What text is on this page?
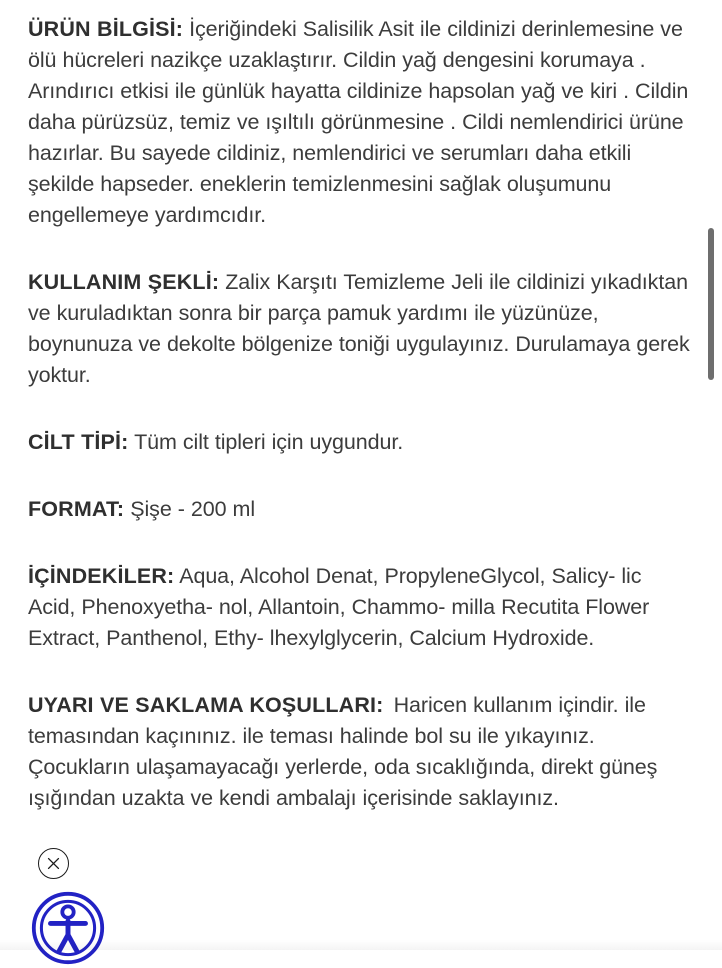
ÜRÜN BİLGİSİ: İçeriğindeki Salisilik Asit ile cildinizi derinlemesine ve ölü hücreleri nazikçe uzaklaştırır. Cildin yağ dengesini korumaya . Arındırıcı etkisi ile günlük hayatta cildinize hapsolan yağ ve kiri . Cildin daha pürüzsüz, temiz ve ışıltılı görünmesine . Cildi nemlendirici ürüne hazırlar. Bu sayede cildiniz, nemlendirici ve serumları daha etkili şekilde hapseder. eneklerin temizlenmesini sağlak oluşumunu engellemeye yardımcıdır.

KULLANIM ŞEKLİ: Zalix Karşıtı Temizleme Jeli ile cildinizi yıkadıktan ve kuruladıktan sonra bir parça pamuk yardımı ile yüzünüze, boynunuza ve dekolte bölgenize toniği uygulayınız. Durulamaya gerek yoktur.

CİLT TİPİ: Tüm cilt tipleri için uygundur.

FORMAT: Şişe - 200 ml

İÇİNDEKİLER: Aqua, Alcohol Denat, PropyleneGlycol, Salicy- lic Acid, Phenoxyetha- nol, Allantoin, Chammo- milla Recutita Flower Extract, Panthenol, Ethy- lhexylglycerin, Calcium Hydroxide.

UYARI VE SAKLAMA KOŞULLARI: Haricen kullanım içindir. ile temasından kaçınınız. ile teması halinde bol su ile yıkayınız. Çocukların ulaşamayacağı yerlerde, oda sıcaklığında, direkt güneş ışığından uzakta ve kendi ambalajı içerisinde saklayınız.
